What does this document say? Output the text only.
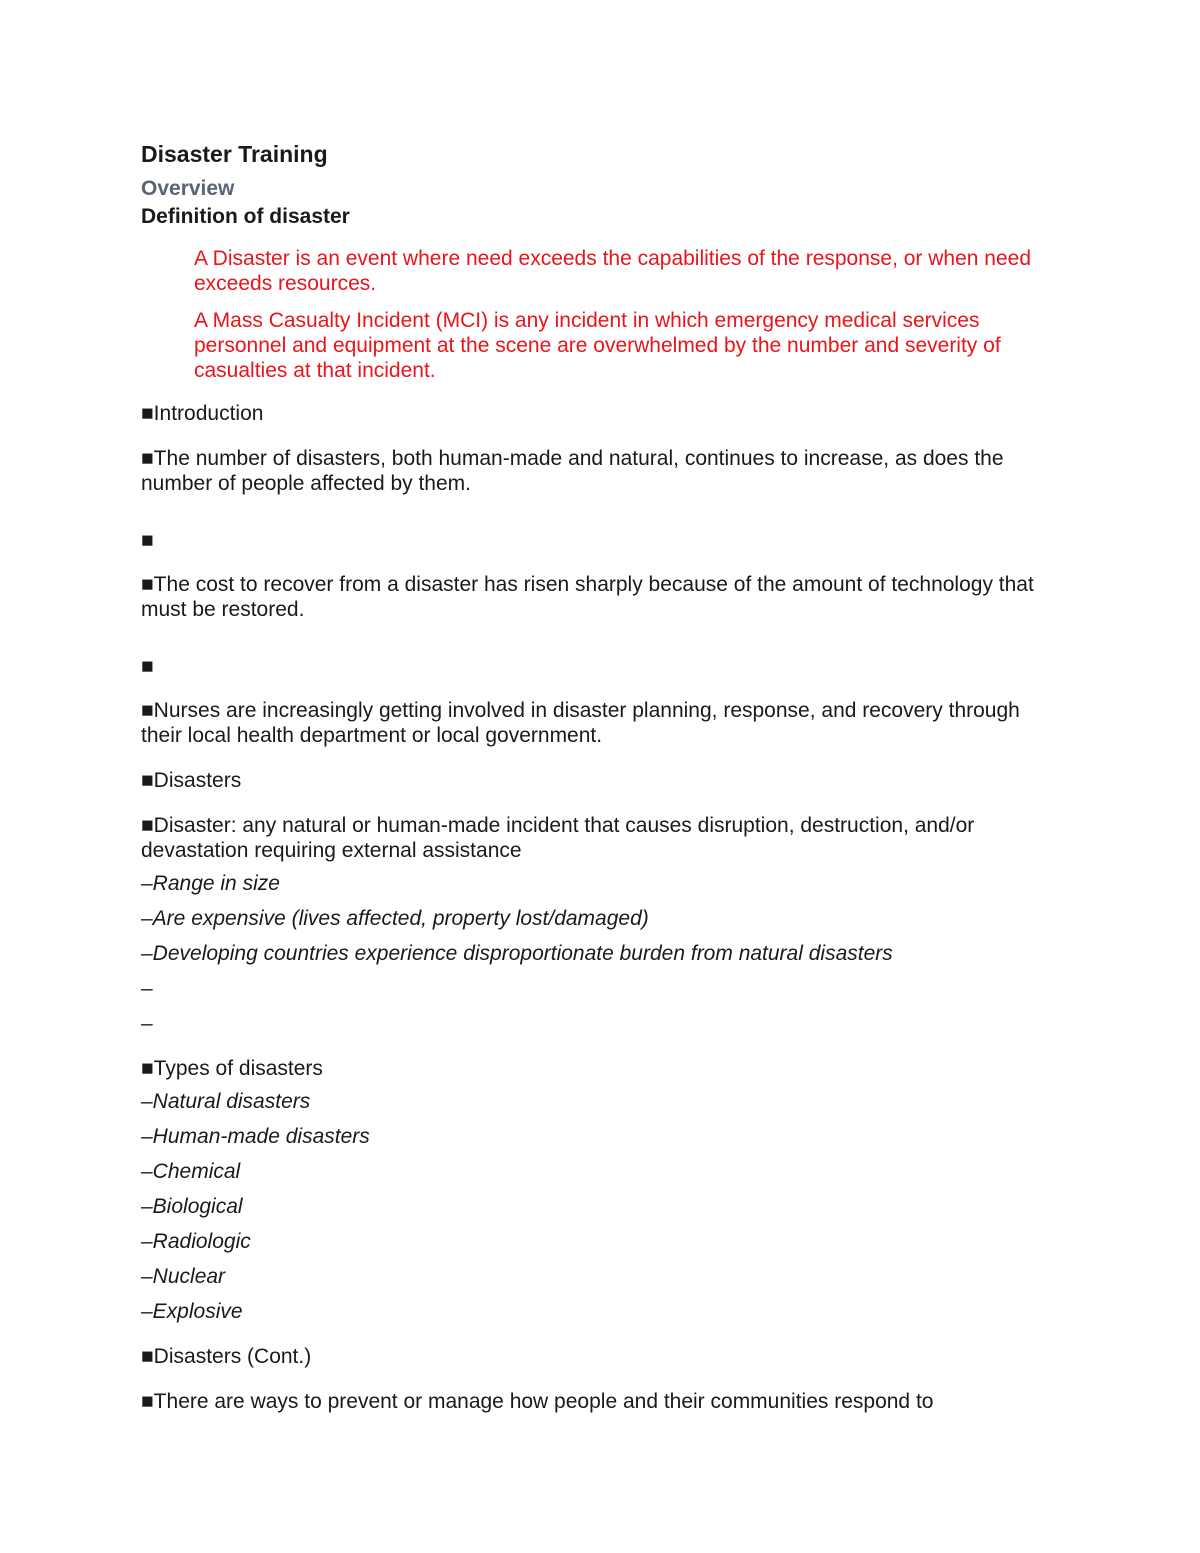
Disaster Training

Overview

Definition of disaster

A Disaster is an event where need exceeds the capabilities of the response, or when need exceeds resources.

A Mass Casualty Incident (MCI) is any incident in which emergency medical services personnel and equipment at the scene are overwhelmed by the number and severity of casualties at that incident.

■Introduction

■The number of disasters, both human-made and natural, continues to increase, as does the number of people affected by them.

■

■The cost to recover from a disaster has risen sharply because of the amount of technology that must be restored.

■

■Nurses are increasingly getting involved in disaster planning, response, and recovery through their local health department or local government.

■Disasters

■Disaster: any natural or human-made incident that causes disruption, destruction, and/or devastation requiring external assistance

–Range in size

–Are expensive (lives affected, property lost/damaged)

–Developing countries experience disproportionate burden from natural disasters

–

–

■Types of disasters

–Natural disasters

–Human-made disasters

–Chemical

–Biological

–Radiologic

–Nuclear

–Explosive

■Disasters (Cont.)

■There are ways to prevent or manage how people and their communities respond to
